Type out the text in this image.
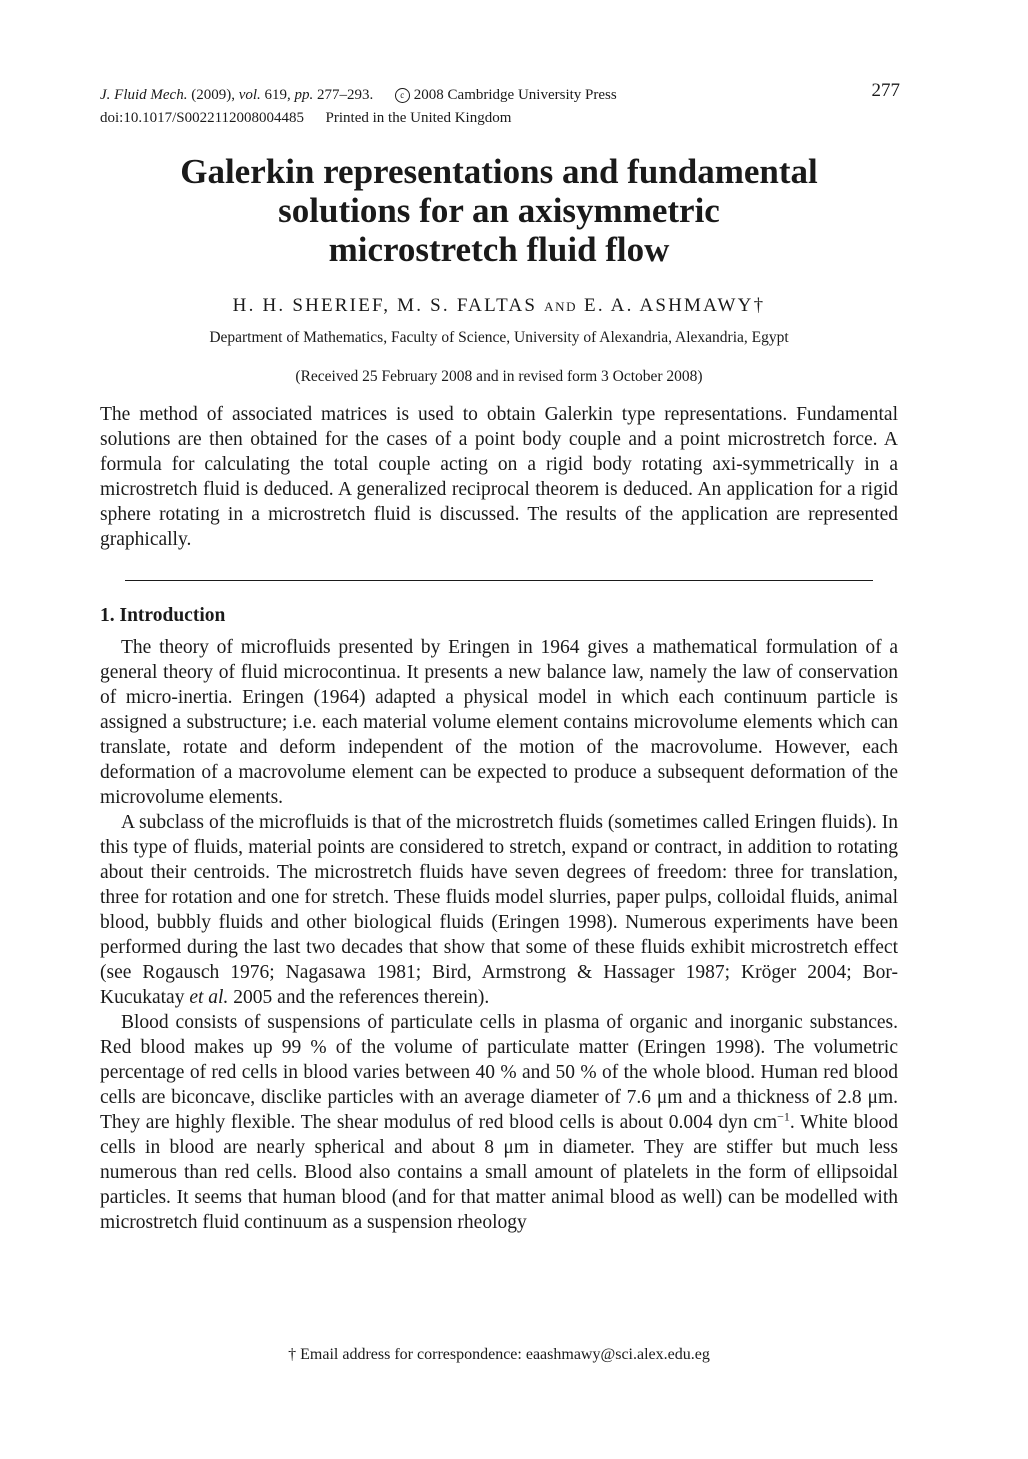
J. Fluid Mech. (2009), vol. 619, pp. 277–293.	c 2008 Cambridge University Press
doi:10.1017/S0022112008004485 Printed in the United Kingdom
277
Galerkin representations and fundamental
solutions for an axisymmetric
microstretch fluid flow
H. H. SHERIEF, M. S. FALTAS AND E. A. ASHMAWY†
Department of Mathematics, Faculty of Science, University of Alexandria, Alexandria, Egypt
(Received 25 February 2008 and in revised form 3 October 2008)

The method of associated matrices is used to obtain Galerkin type representations. Fundamental solutions are then obtained for the cases of a point body couple and a point microstretch force. A formula for calculating the total couple acting on a rigid body rotating axi-symmetrically in a microstretch fluid is deduced. A generalized reciprocal theorem is deduced. An application for a rigid sphere rotating in a microstretch fluid is discussed. The results of the application are represented graphically.

1. Introduction

The theory of microfluids presented by Eringen in 1964 gives a mathematical formulation of a general theory of fluid microcontinua. It presents a new balance law, namely the law of conservation of micro-inertia. Eringen (1964) adapted a physical model in which each continuum particle is assigned a substructure; i.e. each material volume element contains microvolume elements which can translate, rotate and deform independent of the motion of the macrovolume. However, each deformation of a macrovolume element can be expected to produce a subsequent deformation of the microvolume elements.

A subclass of the microfluids is that of the microstretch fluids (sometimes called Eringen fluids). In this type of fluids, material points are considered to stretch, expand or contract, in addition to rotating about their centroids. The microstretch fluids have seven degrees of freedom: three for translation, three for rotation and one for stretch. These fluids model slurries, paper pulps, colloidal fluids, animal blood, bubbly fluids and other biological fluids (Eringen 1998). Numerous experiments have been performed during the last two decades that show that some of these fluids exhibit microstretch effect (see Rogausch 1976; Nagasawa 1981; Bird, Armstrong & Hassager 1987; Kröger 2004; Bor-Kucukatay et al. 2005 and the references therein).

Blood consists of suspensions of particulate cells in plasma of organic and inorganic substances. Red blood makes up 99 % of the volume of particulate matter (Eringen 1998). The volumetric percentage of red cells in blood varies between 40 % and 50 % of the whole blood. Human red blood cells are biconcave, disclike particles with an average diameter of 7.6 μm and a thickness of 2.8 μm. They are highly flexible. The shear modulus of red blood cells is about 0.004 dyn $cm^{-1}$. White blood cells in blood are nearly spherical and about 8 μm in diameter. They are stiffer but much less numerous than red cells. Blood also contains a small amount of platelets in the form of ellipsoidal particles. It seems that human blood (and for that matter animal blood as well) can be modelled with microstretch fluid continuum as a suspension rheology

† Email address for correspondence: eaashmawy@sci.alex.edu.eg
